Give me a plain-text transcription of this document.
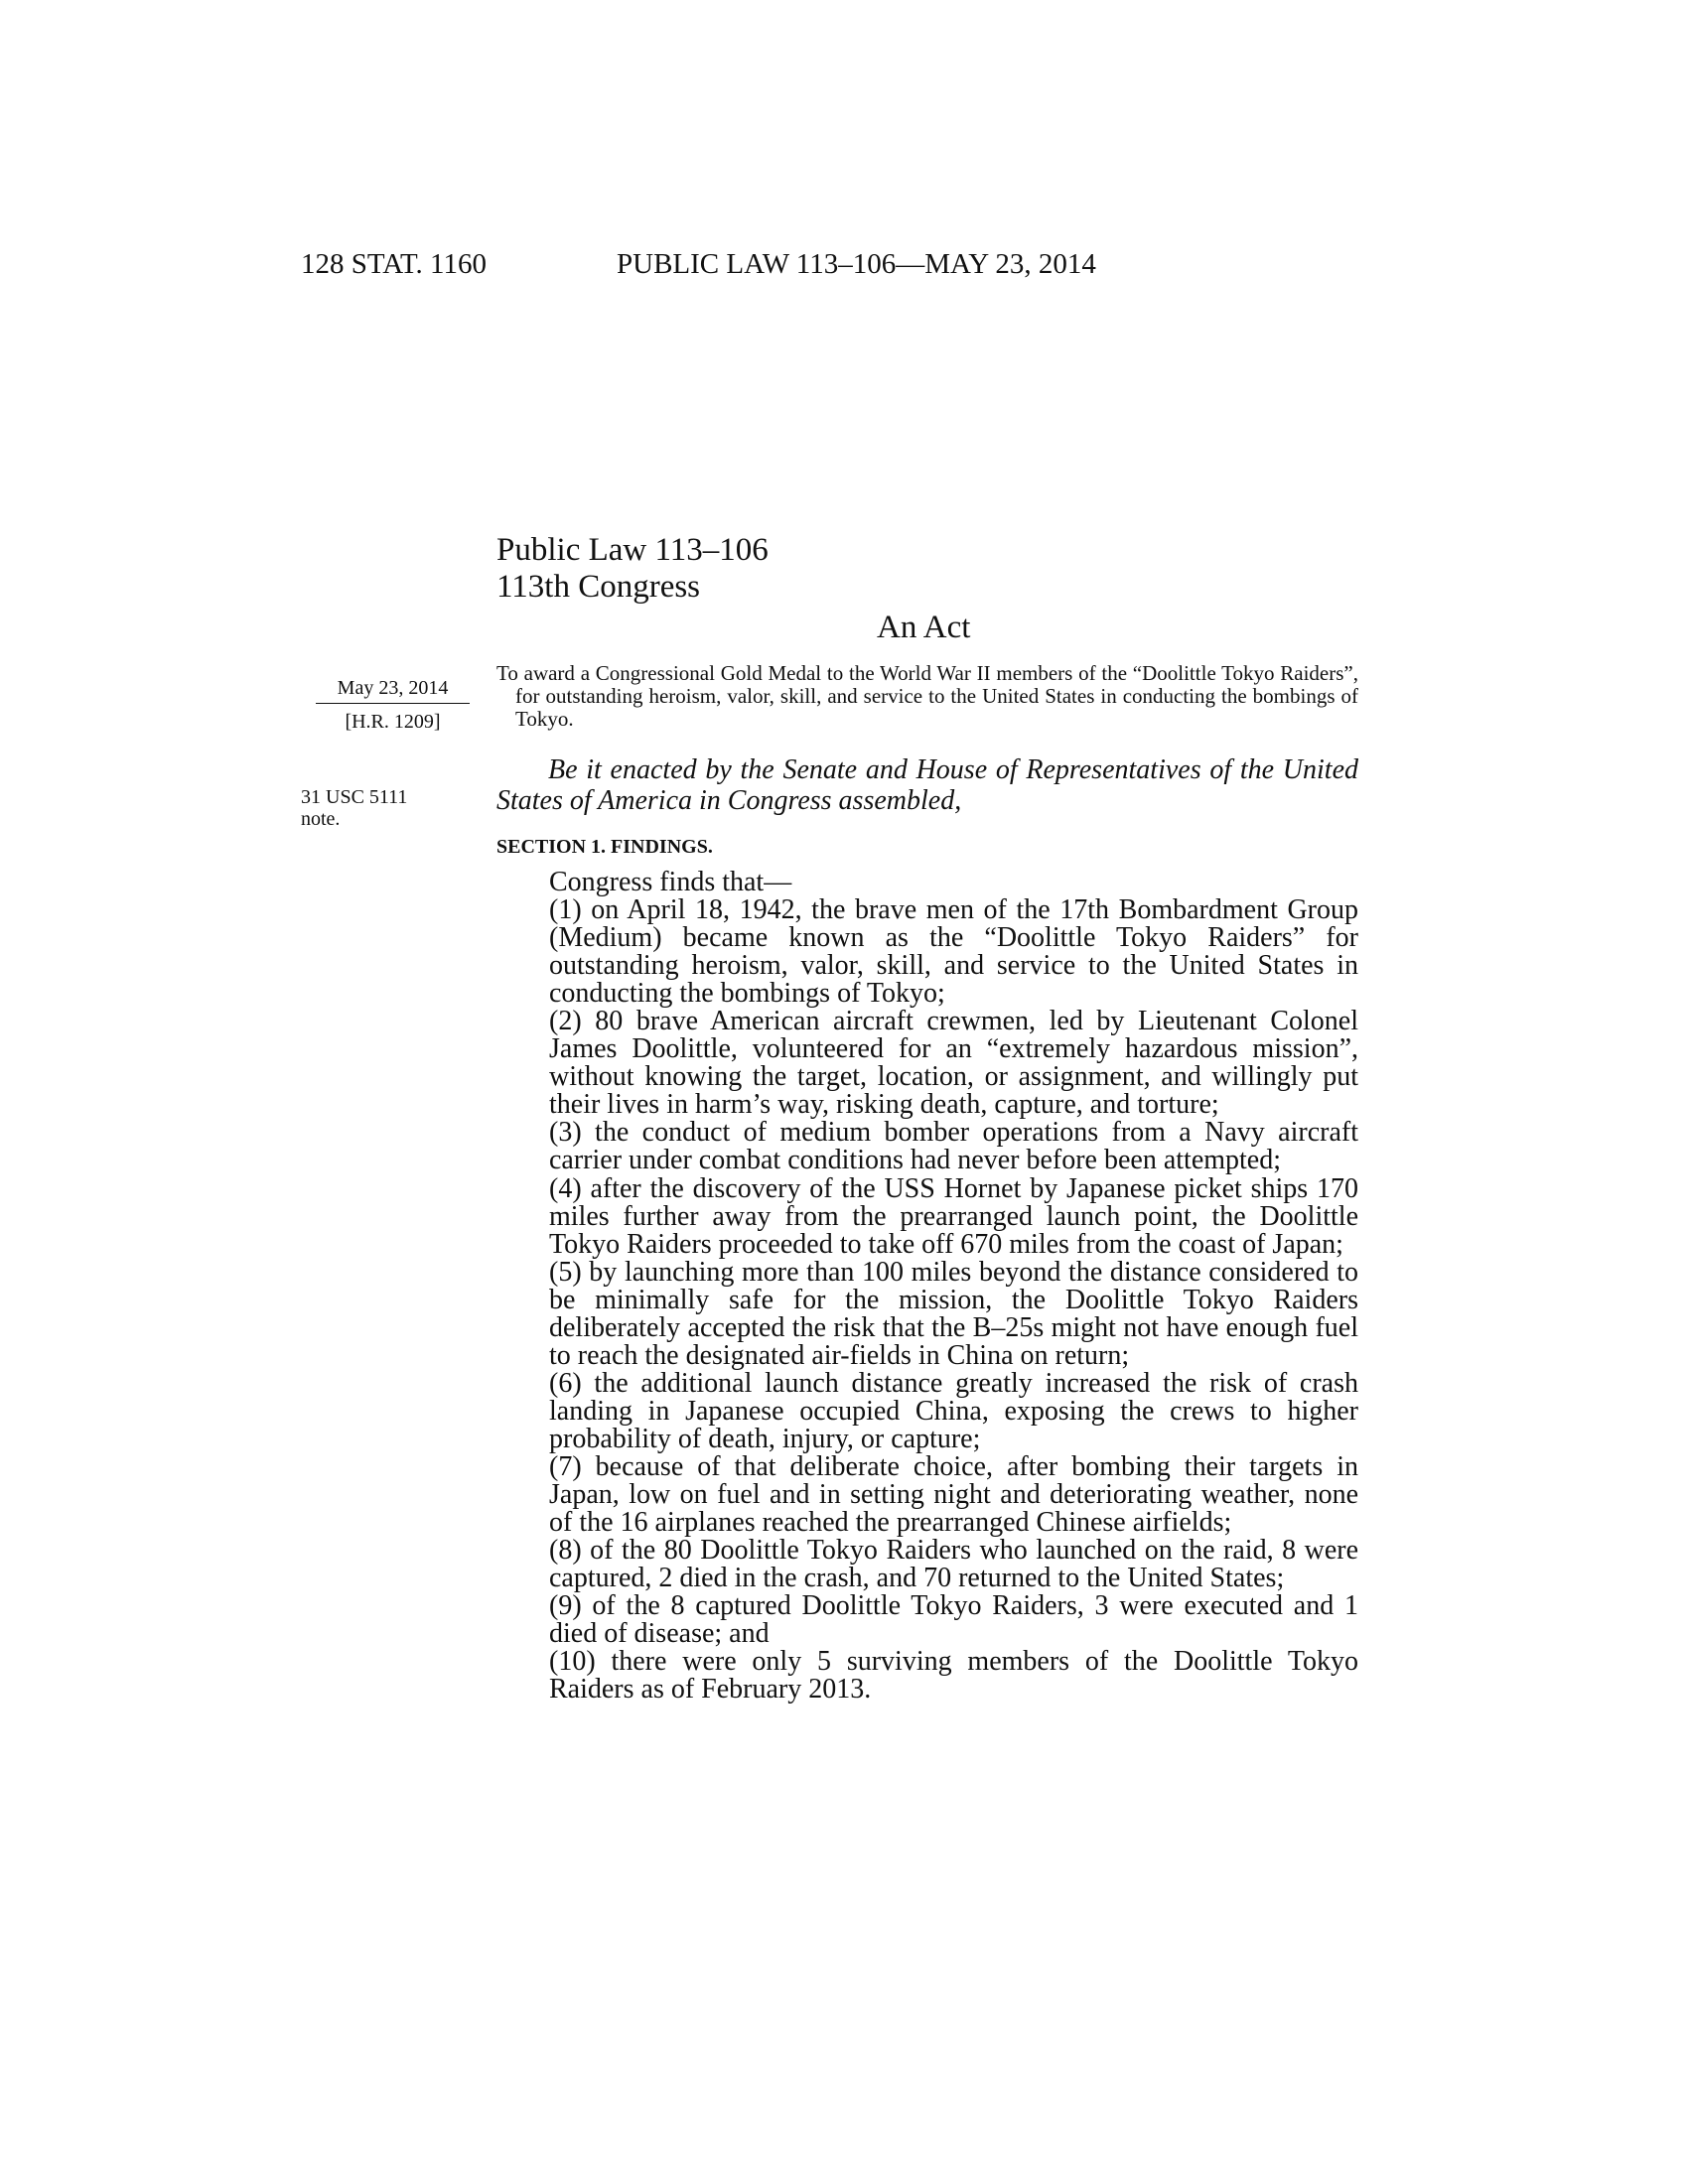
128 STAT. 1160	PUBLIC LAW 113–106—MAY 23, 2014
Public Law 113–106
113th Congress
An Act
May 23, 2014
[H.R. 1209]
31 USC 5111
note.
To award a Congressional Gold Medal to the World War II members of the “Doolittle Tokyo Raiders”, for outstanding heroism, valor, skill, and service to the United States in conducting the bombings of Tokyo.
Be it enacted by the Senate and House of Representatives of the United States of America in Congress assembled,
SECTION 1. FINDINGS.

Congress finds that—

(1) on April 18, 1942, the brave men of the 17th Bombardment Group (Medium) became known as the “Doolittle Tokyo Raiders” for outstanding heroism, valor, skill, and service to the United States in conducting the bombings of Tokyo;

(2) 80 brave American aircraft crewmen, led by Lieutenant Colonel James Doolittle, volunteered for an “extremely hazardous mission”, without knowing the target, location, or assignment, and willingly put their lives in harm’s way, risking death, capture, and torture;

(3) the conduct of medium bomber operations from a Navy aircraft carrier under combat conditions had never before been attempted;

(4) after the discovery of the USS Hornet by Japanese picket ships 170 miles further away from the prearranged launch point, the Doolittle Tokyo Raiders proceeded to take off 670 miles from the coast of Japan;

(5) by launching more than 100 miles beyond the distance considered to be minimally safe for the mission, the Doolittle Tokyo Raiders deliberately accepted the risk that the B–25s might not have enough fuel to reach the designated air-fields in China on return;

(6) the additional launch distance greatly increased the risk of crash landing in Japanese occupied China, exposing the crews to higher probability of death, injury, or capture;

(7) because of that deliberate choice, after bombing their targets in Japan, low on fuel and in setting night and deteriorating weather, none of the 16 airplanes reached the prearranged Chinese airfields;

(8) of the 80 Doolittle Tokyo Raiders who launched on the raid, 8 were captured, 2 died in the crash, and 70 returned to the United States;

(9) of the 8 captured Doolittle Tokyo Raiders, 3 were executed and 1 died of disease; and

(10) there were only 5 surviving members of the Doolittle Tokyo Raiders as of February 2013.
